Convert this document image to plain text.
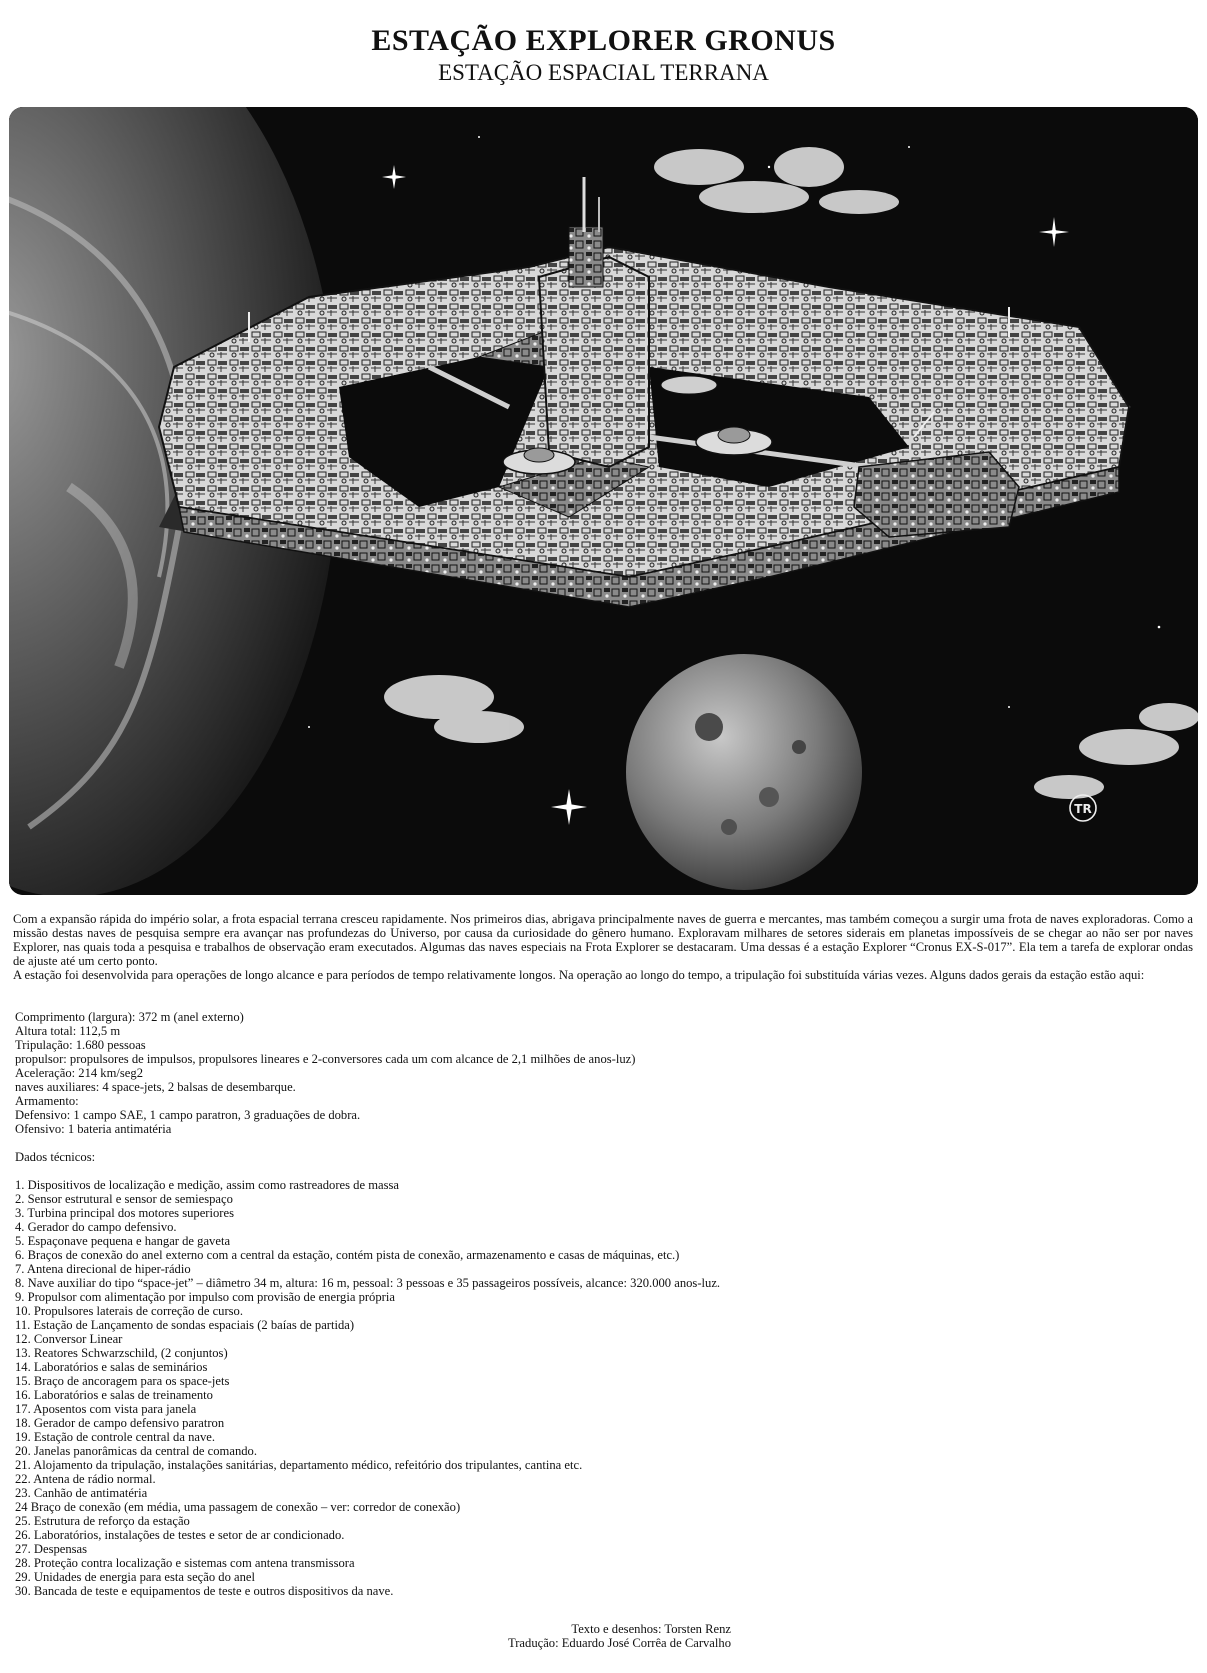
ESTAÇÃO EXPLORER GRONUS
ESTAÇÃO ESPACIAL TERRANA
TR

Com a expansão rápida do império solar, a frota espacial terrana cresceu rapidamente. Nos primeiros dias, abrigava principalmente naves de guerra e mercantes, mas também começou a surgir uma frota de naves exploradoras. Como a missão destas naves de pesquisa sempre era avançar nas profundezas do Universo, por causa da curiosidade do gênero humano. Exploravam milhares de setores siderais em planetas impossíveis de se chegar ao não ser por naves Explorer, nas quais toda a pesquisa e trabalhos de observação eram executados. Algumas das naves especiais na Frota Explorer se destacaram. Uma dessas é a estação Explorer “Cronus EX-S-017”. Ela tem a tarefa de explorar ondas de ajuste até um certo ponto.

A estação foi desenvolvida para operações de longo alcance e para períodos de tempo relativamente longos. Na operação ao longo do tempo, a tripulação foi substituída várias vezes. Alguns dados gerais da estação estão aqui:

Comprimento (largura): 372 m (anel externo)
Altura total: 112,5 m
Tripulação: 1.680 pessoas
propulsor: propulsores de impulsos, propulsores lineares e 2-conversores cada um com alcance de 2,1 milhões de anos-luz)
Aceleração: 214 km/seg2
naves auxiliares: 4 space-jets, 2 balsas de desembarque.
Armamento:
Defensivo: 1 campo SAE, 1 campo paratron, 3 graduações de dobra.
Ofensivo: 1 bateria antimatéria
Dados técnicos:
1. Dispositivos de localização e medição, assim como rastreadores de massa
2. Sensor estrutural e sensor de semiespaço
3. Turbina principal dos motores superiores
4. Gerador do campo defensivo.
5. Espaçonave pequena e hangar de gaveta
6. Braços de conexão do anel externo com a central da estação, contém pista de conexão, armazenamento e casas de máquinas, etc.)
7. Antena direcional de hiper-rádio
8. Nave auxiliar do tipo “space-jet” – diâmetro 34 m, altura: 16 m, pessoal: 3 pessoas e 35 passageiros possíveis, alcance: 320.000 anos-luz.
9. Propulsor com alimentação por impulso com provisão de energia própria
10. Propulsores laterais de correção de curso.
11. Estação de Lançamento de sondas espaciais (2 baías de partida)
12. Conversor Linear
13. Reatores Schwarzschild, (2 conjuntos)
14. Laboratórios e salas de seminários
15. Braço de ancoragem para os space-jets
16. Laboratórios e salas de treinamento
17. Aposentos com vista para janela
18. Gerador de campo defensivo paratron
19. Estação de controle central da nave.
20. Janelas panorâmicas da central de comando.
21. Alojamento da tripulação, instalações sanitárias, departamento médico, refeitório dos tripulantes, cantina etc.
22. Antena de rádio normal.
23. Canhão de antimatéria
24 Braço de conexão (em média, uma passagem de conexão – ver: corredor de conexão)
25. Estrutura de reforço da estação
26. Laboratórios, instalações de testes e setor de ar condicionado.
27. Despensas
28. Proteção contra localização e sistemas com antena transmissora
29. Unidades de energia para esta seção do anel
30. Bancada de teste e equipamentos de teste e outros dispositivos da nave.
Texto e desenhos: Torsten Renz
Tradução: Eduardo José Corrêa de Carvalho
